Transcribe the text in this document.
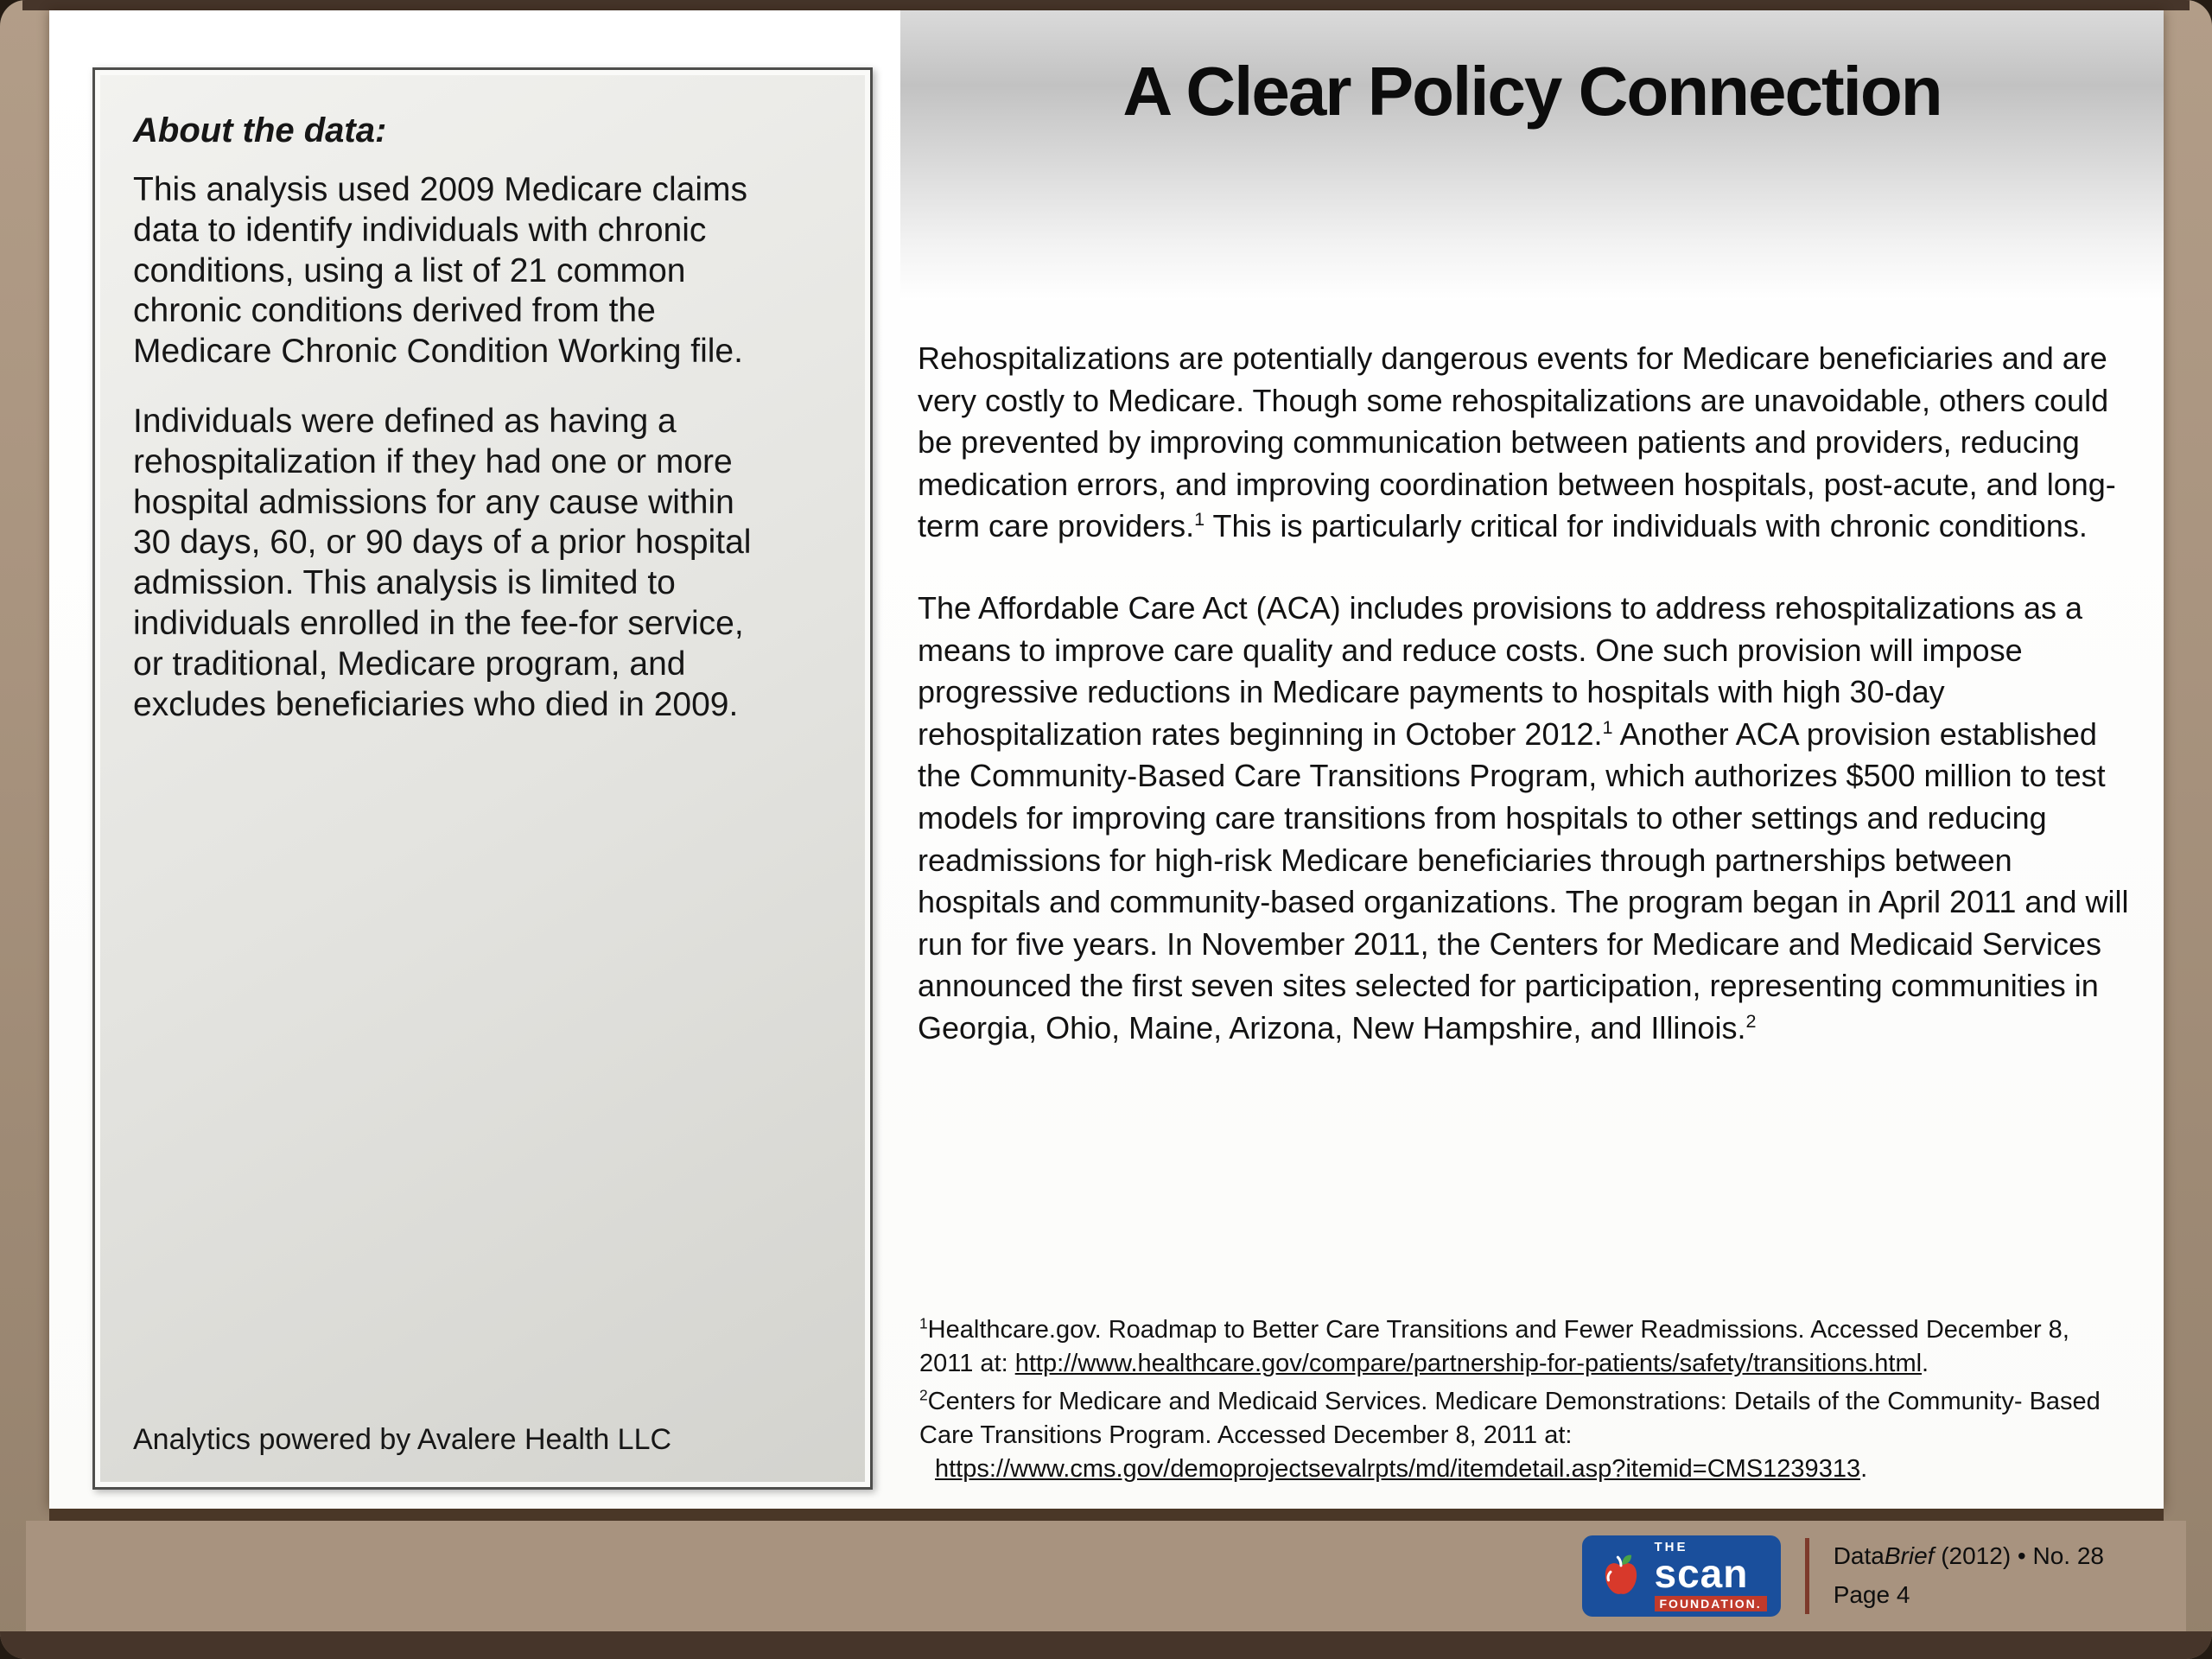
About the data:

This analysis used 2009 Medicare claims data to identify individuals with chronic conditions, using a list of 21 common chronic conditions derived from the Medicare Chronic Condition Working file.

Individuals were defined as having a rehospitalization if they had one or more hospital admissions for any cause within 30 days, 60, or 90 days of a prior hospital admission. This analysis is limited to individuals enrolled in the fee-for service, or traditional, Medicare program, and excludes beneficiaries who died in 2009.

Analytics powered by Avalere Health LLC

A Clear Policy Connection

Rehospitalizations are potentially dangerous events for Medicare beneficiaries and are very costly to Medicare. Though some rehospitalizations are unavoidable, others could be prevented by improving communication between patients and providers, reducing medication errors, and improving coordination between hospitals, post-acute, and long-term care providers.$^1$ This is particularly critical for individuals with chronic conditions.

The Affordable Care Act (ACA) includes provisions to address rehospitalizations as a means to improve care quality and reduce costs. One such provision will impose progressive reductions in Medicare payments to hospitals with high 30-day rehospitalization rates beginning in October 2012.$^1$ Another ACA provision established the Community-Based Care Transitions Program, which authorizes $500 million to test models for improving care transitions from hospitals to other settings and reducing readmissions for high-risk Medicare beneficiaries through partnerships between hospitals and community-based organizations. The program began in April 2011 and will run for five years. In November 2011, the Centers for Medicare and Medicaid Services announced the first seven sites selected for participation, representing communities in Georgia, Ohio, Maine, Arizona, New Hampshire, and Illinois.$^2$

$^1$Healthcare.gov. Roadmap to Better Care Transitions and Fewer Readmissions. Accessed December 8, 2011 at: http://www.healthcare.gov/compare/partnership-for-patients/safety/transitions.html.

$^2$Centers for Medicare and Medicaid Services. Medicare Demonstrations: Details of the Community- Based Care Transitions Program. Accessed December 8, 2011 at:
https://www.cms.gov/demoprojectsevalrpts/md/itemdetail.asp?itemid=CMS1239313.

THE
scan
FOUNDATION.
DataBrief (2012) • No. 28
Page 4
